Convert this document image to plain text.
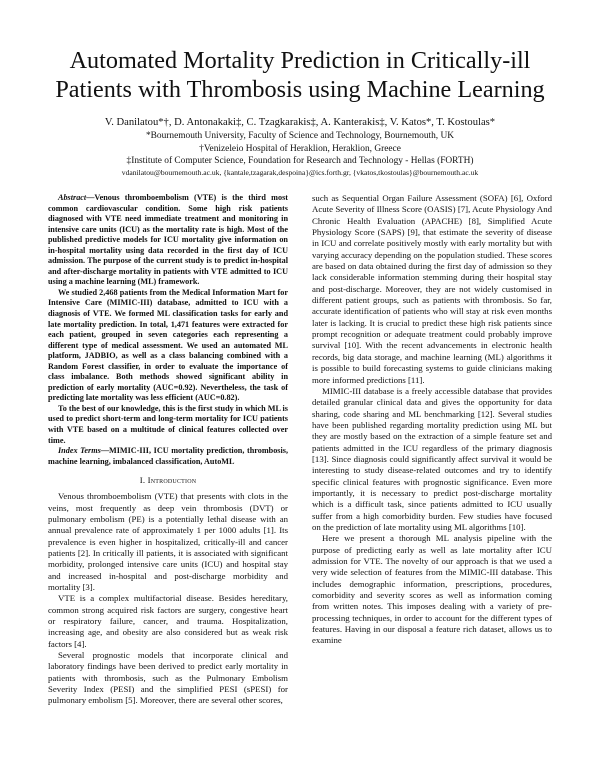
Automated Mortality Prediction in Critically-ill
Patients with Thrombosis using Machine Learning
V. Danilatou*†, D. Antonakaki‡, C. Tzagkarakis‡, A. Kanterakis‡, V. Katos*, T. Kostoulas*
*Bournemouth University, Faculty of Science and Technology, Bournemouth, UK
†Venizeleio Hospital of Heraklion, Heraklion, Greece
‡Institute of Computer Science, Foundation for Research and Technology - Hellas (FORTH)
vdanilatou@bournemouth.ac.uk, {kantale,tzagarak,despoina}@ics.forth.gr, {vkatos,tkostoulas}@bournemouth.ac.uk

Abstract—Venous thromboembolism (VTE) is the third most common cardiovascular condition. Some high risk patients diagnosed with VTE need immediate treatment and monitoring in intensive care units (ICU) as the mortality rate is high. Most of the published predictive models for ICU mortality give information on in-hospital mortality using data recorded in the first day of ICU admission. The purpose of the current study is to predict in-hospital and after-discharge mortality in patients with VTE admitted to ICU using a machine learning (ML) framework.

We studied 2,468 patients from the Medical Information Mart for Intensive Care (MIMIC-III) database, admitted to ICU with a diagnosis of VTE. We formed ML classification tasks for early and late mortality prediction. In total, 1,471 features were extracted for each patient, grouped in seven categories each representing a different type of medical assessment. We used an automated ML platform, JADBIO, as well as a class balancing combined with a Random Forest classifier, in order to evaluate the importance of class imbalance. Both methods showed significant ability in prediction of early mortality (AUC=0.92). Nevertheless, the task of predicting late mortality was less efficient (AUC=0.82).

To the best of our knowledge, this is the first study in which ML is used to predict short-term and long-term mortality for ICU patients with VTE based on a multitude of clinical features collected over time.

Index Terms—MIMIC-III, ICU mortality prediction, thrombosis, machine learning, imbalanced classification, AutoML

I. Introduction

Venous thromboembolism (VTE) that presents with clots in the veins, most frequently as deep vein thrombosis (DVT) or pulmonary embolism (PE) is a potentially lethal disease with an annual prevalence rate of approximately 1 per 1000 adults [1]. Its prevalence is even higher in hospitalized, critically-ill and cancer patients [2]. In critically ill patients, it is associated with significant morbidity, prolonged intensive care units (ICU) and hospital stay and increased in-hospital and post-discharge morbidity and mortality [3].

VTE is a complex multifactorial disease. Besides hereditary, common strong acquired risk factors are surgery, congestive heart or respiratory failure, cancer, and trauma. Hospitalization, increasing age, and obesity are also considered but as weak risk factors [4].

Several prognostic models that incorporate clinical and laboratory findings have been derived to predict early mortality in patients with thrombosis, such as the Pulmonary Embolism Severity Index (PESI) and the simplified PESI (sPESI) for pulmonary embolism [5]. Moreover, there are several other scores,

such as Sequential Organ Failure Assessment (SOFA) [6], Oxford Acute Severity of Illness Score (OASIS) [7], Acute Physiology And Chronic Health Evaluation (APACHE) [8], Simplified Acute Physiology Score (SAPS) [9], that estimate the severity of disease in ICU and correlate positively mostly with early mortality but with varying accuracy depending on the population studied. These scores are based on data obtained during the first day of admission so they lack considerable information stemming during their hospital stay and post-discharge. Moreover, they are not widely customised in different patient groups, such as patients with thrombosis. So far, accurate identification of patients who will stay at risk even months later is lacking. It is crucial to predict these high risk patients since prompt recognition or adequate treatment could probably improve survival [10]. With the recent advancements in electronic health records, big data storage, and machine learning (ML) algorithms it is possible to build forecasting systems to guide clinicians making more informed predictions [11].

MIMIC-III database is a freely accessible database that provides detailed granular clinical data and gives the opportunity for data sharing, code sharing and ML benchmarking [12]. Several studies have been published regarding mortality prediction using ML but they are mostly based on the extraction of a simple feature set and patients admitted in the ICU regardless of the primary diagnosis [13]. Since diagnosis could significantly affect survival it would be interesting to study disease-related outcomes and try to identify specific clinical features with prognostic significance. Even more importantly, it is necessary to predict post-discharge mortality which is a difficult task, since patients admitted to ICU usually suffer from a high comorbidity burden. Few studies have focused on the prediction of late mortality using ML algorithms [10].

Here we present a thorough ML analysis pipeline with the purpose of predicting early as well as late mortality after ICU admission for VTE. The novelty of our approach is that we used a very wide selection of features from the MIMIC-III database. This includes demographic information, prescriptions, procedures, comorbidity and severity scores as well as information coming from written notes. This imposes dealing with a variety of pre-processing techniques, in order to account for the different types of features. Having in our disposal a feature rich dataset, allows us to examine
